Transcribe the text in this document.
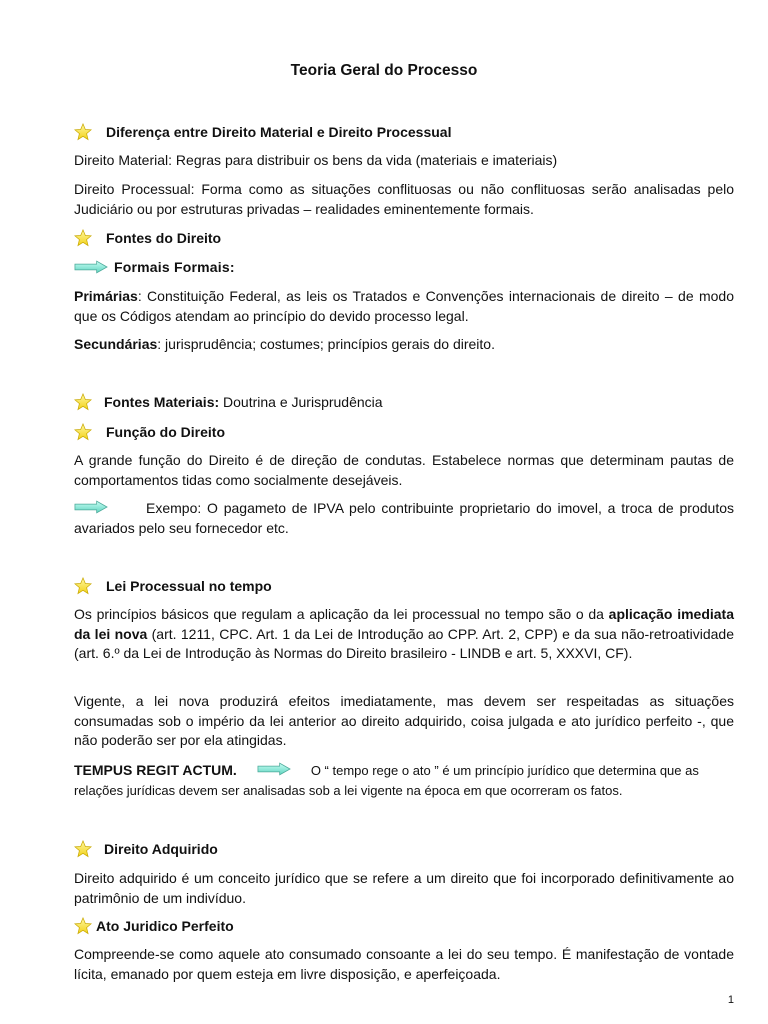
Teoria Geral do Processo
Diferença entre Direito Material e Direito Processual
Direito Material: Regras para distribuir os bens da vida (materiais e imateriais)
Direito Processual: Forma como as situações conflituosas ou não conflituosas serão analisadas pelo Judiciário ou por estruturas privadas – realidades eminentemente formais.
Fontes do Direito
Formais Formais:
Primárias: Constituição Federal, as leis os Tratados e Convenções internacionais de direito – de modo que os Códigos atendam ao princípio do devido processo legal.
Secundárias: jurisprudência; costumes; princípios gerais do direito.
Fontes Materiais: Doutrina e Jurisprudência
Função do Direito
A grande função do Direito é de direção de condutas. Estabelece normas que determinam pautas de comportamentos tidas como socialmente desejáveis.
Exempo: O pagameto de IPVA pelo contribuinte proprietario do imovel, a troca de produtos avariados pelo seu fornecedor etc.
Lei Processual no tempo
Os princípios básicos que regulam a aplicação da lei processual no tempo são o da aplicação imediata da lei nova (art. 1211, CPC. Art. 1 da Lei de Introdução ao CPP. Art. 2, CPP) e da sua não-retroatividade (art. 6.º da Lei de Introdução às Normas do Direito brasileiro - LINDB e art. 5, XXXVI, CF).
Vigente, a lei nova produzirá efeitos imediatamente, mas devem ser respeitadas as situações consumadas sob o império da lei anterior ao direito adquirido, coisa julgada e ato jurídico perfeito -, que não poderão ser por ela atingidas.
TEMPUS REGIT ACTUM.	O “ tempo rege o ato ” é um princípio jurídico que determina que as relações jurídicas devem ser analisadas sob a lei vigente na época em que ocorreram os fatos.
Direito Adquirido
Direito adquirido é um conceito jurídico que se refere a um direito que foi incorporado definitivamente ao patrimônio de um indivíduo.
Ato Juridico Perfeito
Compreende-se como aquele ato consumado consoante a lei do seu tempo. É manifestação de vontade lícita, emanado por quem esteja em livre disposição, e aperfeiçoada.
1
